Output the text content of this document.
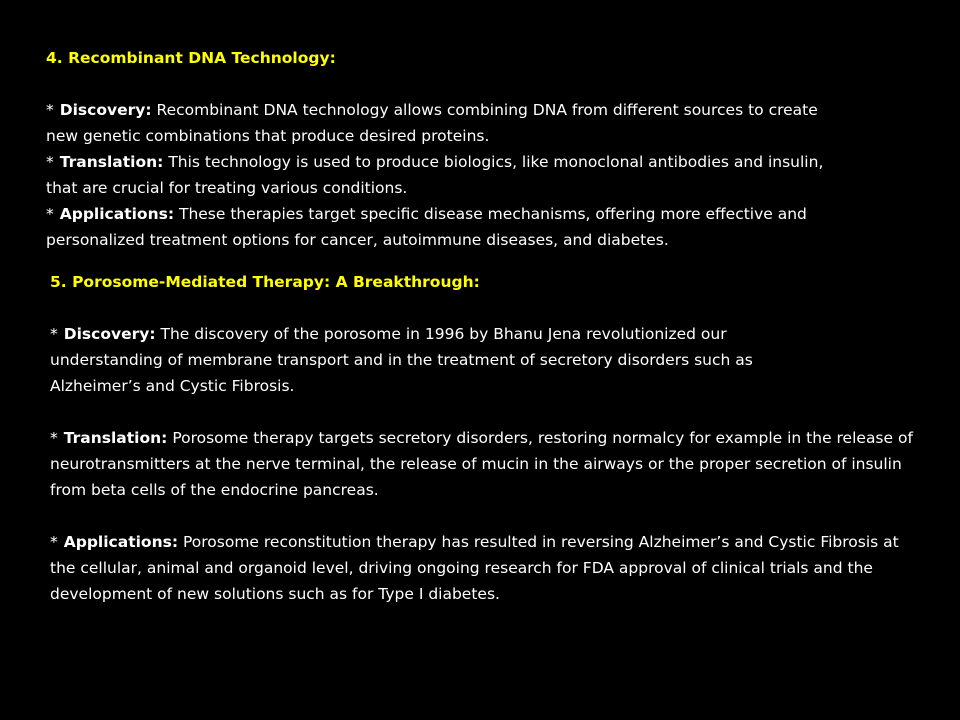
4. Recombinant DNA Technology:

* Discovery: Recombinant DNA technology allows combining DNA from different sources to create new genetic combinations that produce desired proteins.

* Translation: This technology is used to produce biologics, like monoclonal antibodies and insulin, that are crucial for treating various conditions.

* Applications: These therapies target specific disease mechanisms, offering more effective and personalized treatment options for cancer, autoimmune diseases, and diabetes.

5. Porosome-Mediated Therapy: A Breakthrough:

* Discovery: The discovery of the porosome in 1996 by Bhanu Jena revolutionized our understanding of membrane transport and in the treatment of secretory disorders such as Alzheimer’s and Cystic Fibrosis.

* Translation: Porosome therapy targets secretory disorders, restoring normalcy for example in the release of neurotransmitters at the nerve terminal, the release of mucin in the airways or the proper secretion of insulin from beta cells of the endocrine pancreas.

* Applications: Porosome reconstitution therapy has resulted in reversing Alzheimer’s and Cystic Fibrosis at the cellular, animal and organoid level, driving ongoing research for FDA approval of clinical trials and the development of new solutions such as for Type I diabetes.
